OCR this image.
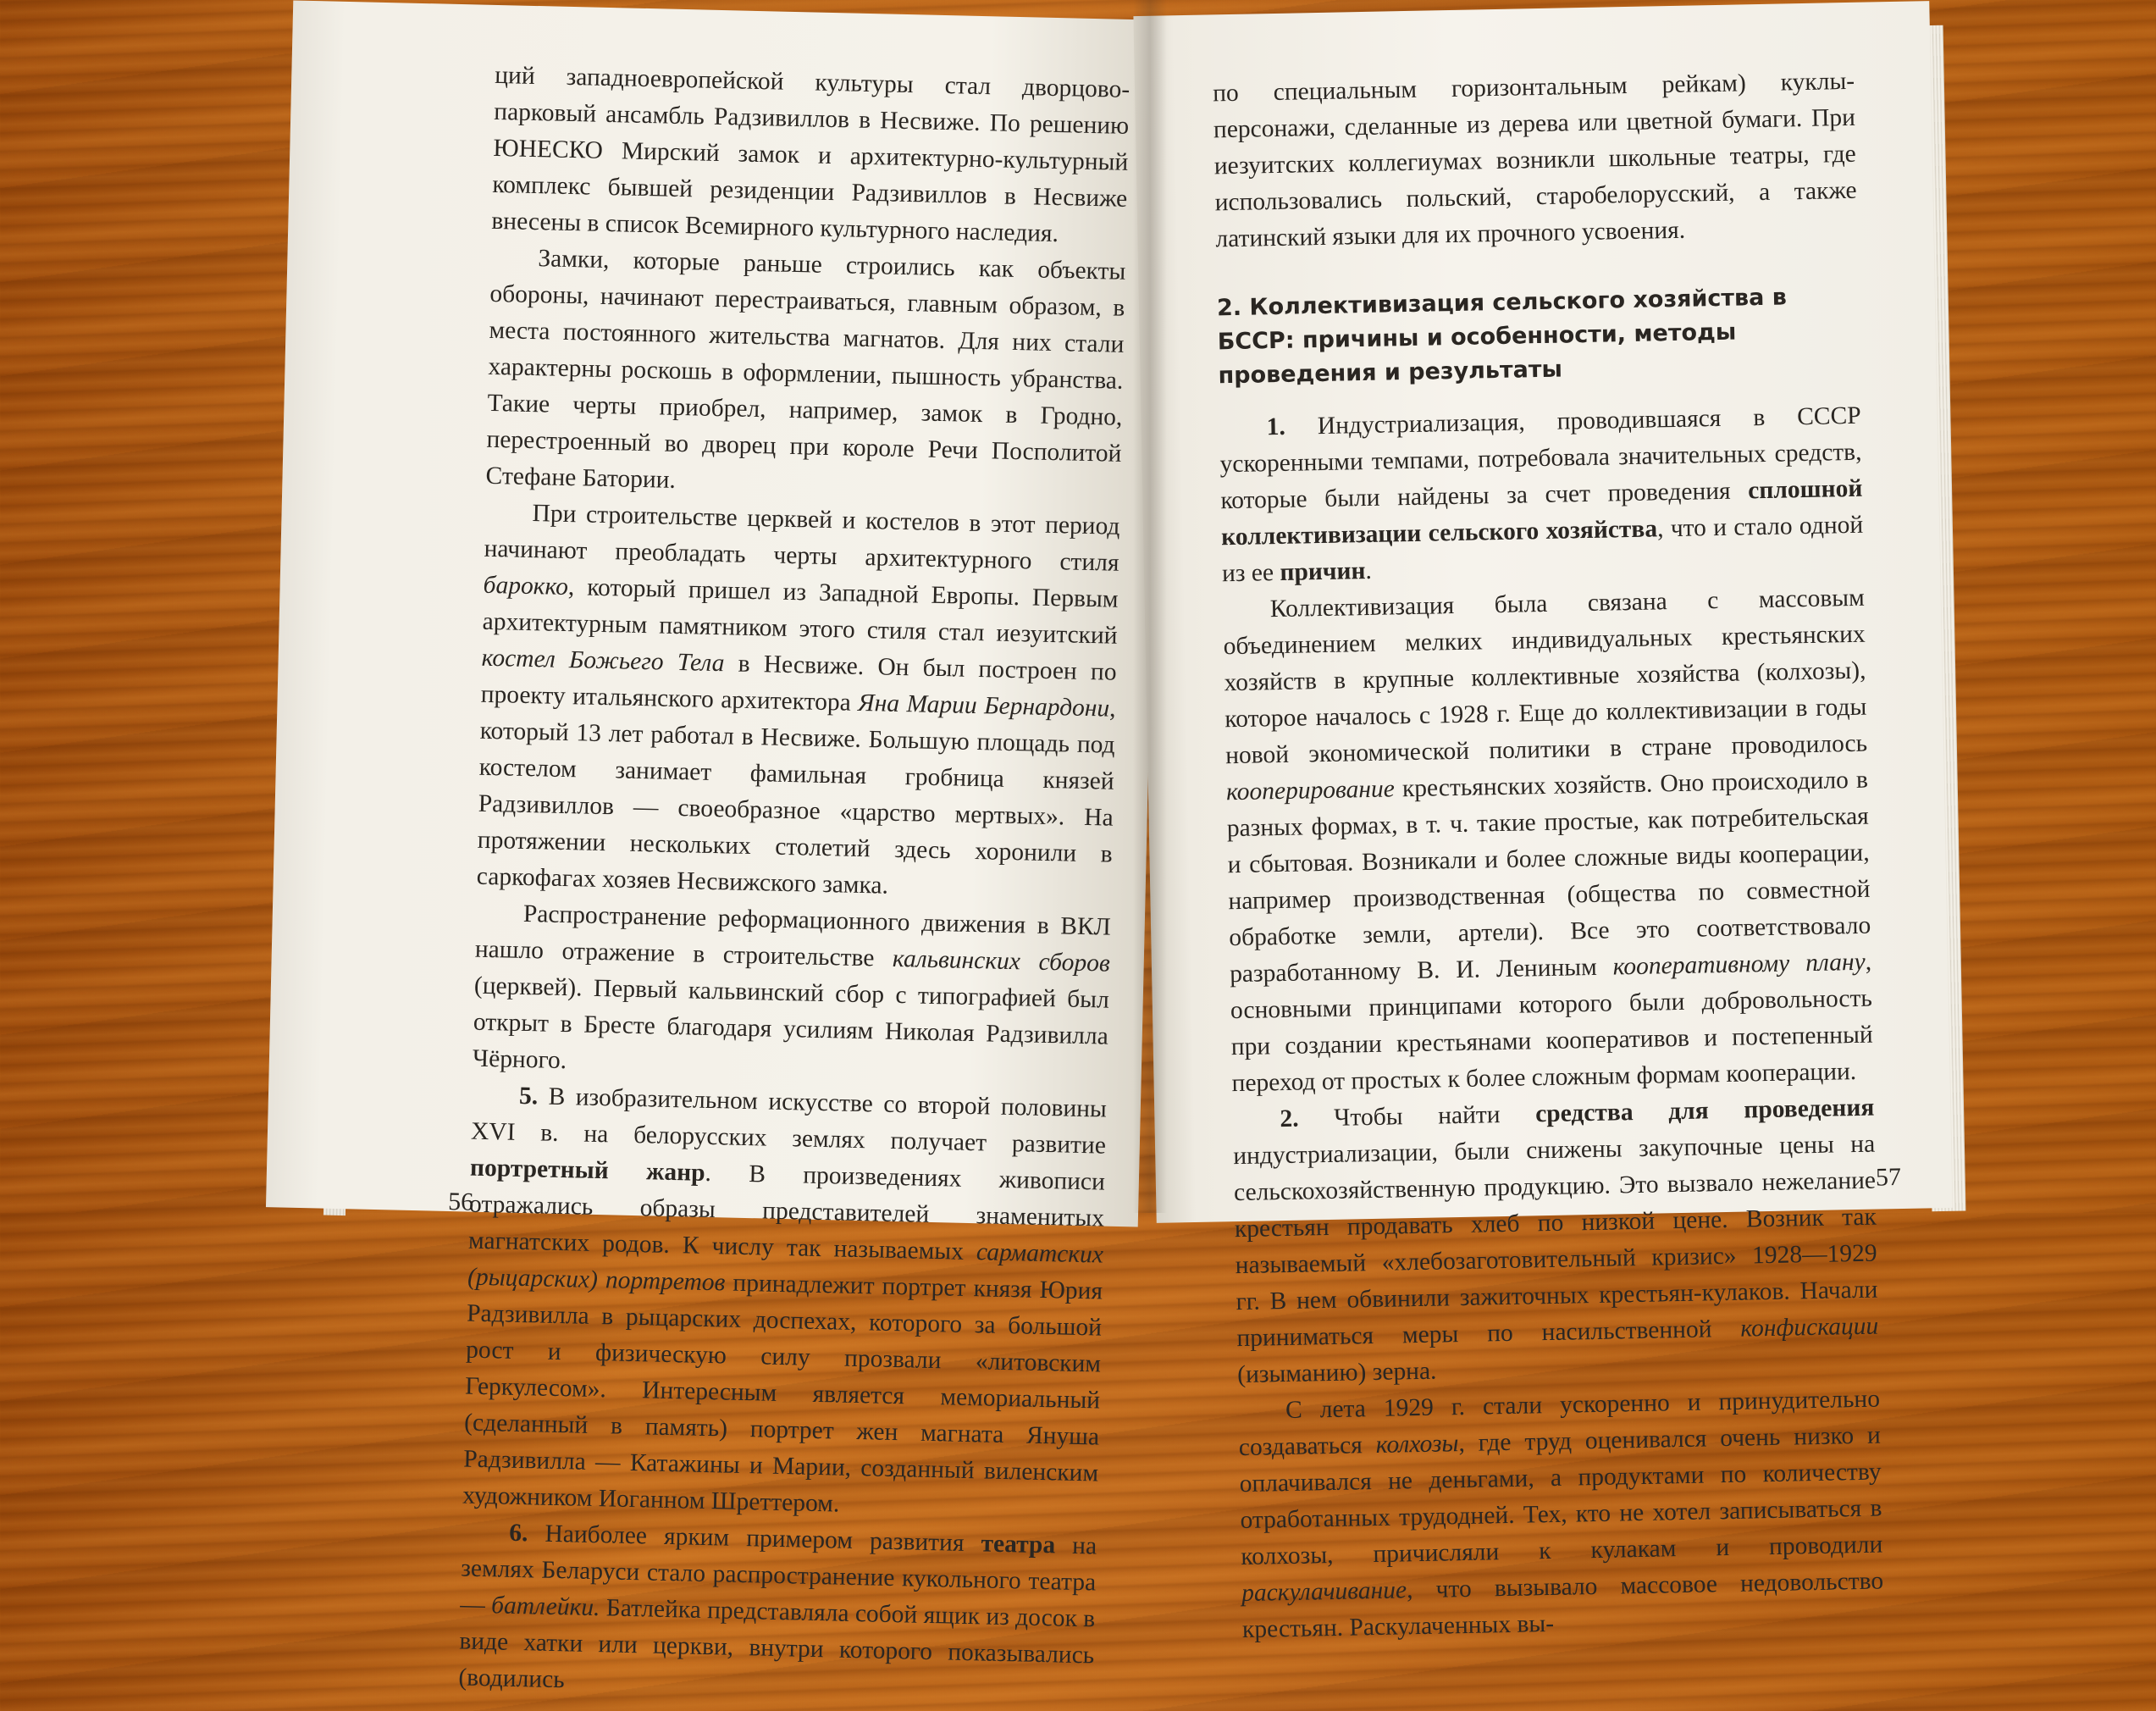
ций западноевропейской культуры стал дворцово-парковый ансамбль Радзивиллов в Несвиже. По решению ЮНЕСКО Мирский замок и архитектурно-культурный комплекс бывшей резиденции Радзивиллов в Несвиже внесены в список Всемирного культурного наследия.

Замки, которые раньше строились как объекты обороны, начинают перестраиваться, главным образом, в места постоянного жительства магнатов. Для них стали характерны роскошь в оформлении, пышность убранства. Такие черты приобрел, например, замок в Гродно, перестроенный во дворец при короле Речи Посполитой Стефане Батории.

При строительстве церквей и костелов в этот период начинают преобладать черты архитектурного стиля барокко, который пришел из Западной Европы. Первым архитектурным памятником этого стиля стал иезуитский костел Божьего Тела в Несвиже. Он был построен по проекту итальянского архитектора Яна Марии Бернардони, который 13 лет работал в Несвиже. Большую площадь под костелом занимает фамильная гробница князей Радзивиллов — своеобразное «царство мертвых». На протяжении нескольких столетий здесь хоронили в саркофагах хозяев Несвижского замка.

Распространение реформационного движения в ВКЛ нашло отражение в строительстве кальвинских сборов (церквей). Первый кальвинский сбор с типографией был открыт в Бресте благодаря усилиям Николая Радзивилла Чёрного.

5. В изобразительном искусстве со второй половины XVI в. на белорусских землях получает развитие портретный жанр. В произведениях живописи отражались образы представителей знаменитых магнатских родов. К числу так называемых сарматских (рыцарских) портретов принадлежит портрет князя Юрия Радзивилла в рыцарских доспехах, которого за большой рост и физическую силу прозвали «литовским Геркулесом». Интересным является мемориальный (сделанный в память) портрет жен магната Януша Радзивилла — Катажины и Марии, созданный виленским художником Иоганном Шреттером.

6. Наиболее ярким примером развития театра на землях Беларуси стало распространение кукольного театра — батлейки. Батлейка представляла собой ящик из досок в виде хатки или церкви, внутри которого показывались (водились

56

по специальным горизонтальным рейкам) куклы-персонажи, сделанные из дерева или цветной бумаги. При иезуитских коллегиумах возникли школьные театры, где использовались польский, старобелорусский, а также латинский языки для их прочного усвоения.

2. Коллективизация сельского хозяйства в БССР: причины и особенности, методы проведения и результаты

1. Индустриализация, проводившаяся в СССР ускоренными темпами, потребовала значительных средств, которые были найдены за счет проведения сплошной коллективизации сельского хозяйства, что и стало одной из ее причин.

Коллективизация была связана с массовым объединением мелких индивидуальных крестьянских хозяйств в крупные коллективные хозяйства (колхозы), которое началось с 1928 г. Еще до коллективизации в годы новой экономической политики в стране проводилось кооперирование крестьянских хозяйств. Оно происходило в разных формах, в т. ч. такие простые, как потребительская и сбытовая. Возникали и более сложные виды кооперации, например производственная (общества по совместной обработке земли, артели). Все это соответствовало разработанному В. И. Лениным кооперативному плану, основными принципами которого были добровольность при создании крестьянами кооперативов и постепенный переход от простых к более сложным формам кооперации.

2. Чтобы найти средства для проведения индустриализации, были снижены закупочные цены на сельскохозяйственную продукцию. Это вызвало нежелание крестьян продавать хлеб по низкой цене. Возник так называемый «хлебозаготовительный кризис» 1928—1929 гг. В нем обвинили зажиточных крестьян-кулаков. Начали приниматься меры по насильственной конфискации (изыманию) зерна.

С лета 1929 г. стали ускоренно и принудительно создаваться колхозы, где труд оценивался очень низко и оплачивался не деньгами, а продуктами по количеству отработанных трудодней. Тех, кто не хотел записываться в колхозы, причисляли к кулакам и проводили раскулачивание, что вызывало массовое недовольство крестьян. Раскулаченных вы-

57
